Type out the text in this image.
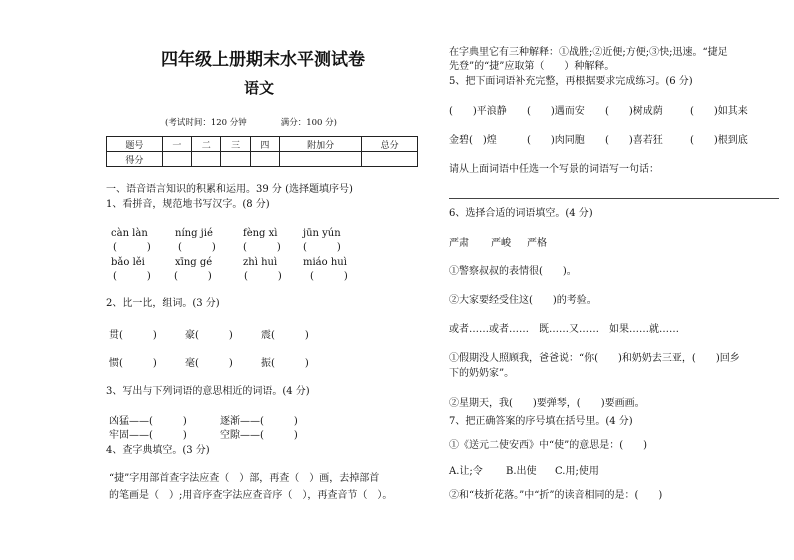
四年级上册期末水平测试卷
语文
(考试时间：120 分钟　　　　满分：100 分)
题号	一	二	三	四	附加分	总分
得分						
一、语音语言知识的积累和运用。39 分 (选择题填序号)
1、看拼音，规范地书写汉字。(8 分)
càn làn	níng jié	fèng xì	jūn yún
(　　　)	(　　　)	(　　　) (　　　)
bǎo lěi	xīng gé	zhì huì	miáo huì
(　　　) (　　　)	(　　　)	(　　　)
2、比一比，组词。(3 分)
贯(　　　)	豪(　　　)	震(　　　)
惯(　　　)	毫(　　　)	振(　　　)
3、写出与下列词语的意思相近的词语。(4 分)
凶猛——(　　　)	逐渐——(　　　)
牢固——(　　　)	空隙——(　　　)
4、查字典填空。(3 分)
“捷”字用部首查字法应查（　）部，再查（　）画，去掉部首
的笔画是（　）;用音序查字法应查音序（　），再查音节（　）。
在字典里它有三种解释：①战胜;②近便;方便;③快;迅速。“捷足
先登”的“捷”应取第（　　）种解释。
5、把下面词语补充完整，再根据要求完成练习。(6 分)
(　　)平浪静 (　　)遇而安 (　　)树成荫	(　　)如其来
金碧(　)煌	(　　)肉同胞 (　　)喜若狂	(　　)根到底
请从上面词语中任选一个写景的词语写一句话：
6、选择合适的词语填空。(4 分)
严肃 严峻 严格
①警察叔叔的表情很(　　)。
②大家要经受住这(　　)的考验。
或者……或者……　既……又……　如果……就……
①假期没人照顾我，爸爸说：“你(　　)和奶奶去三亚，(　　)回乡
下的奶奶家”。
②星期天，我(　　)要弹琴，(　　)要画画。
7、把正确答案的序号填在括号里。(4 分)
①《送元二使安西》中“使”的意思是：(　　)
A.让;令 B.出使 C.用;使用
②和“枝折花落。”中“折”的读音相同的是：(　　)
